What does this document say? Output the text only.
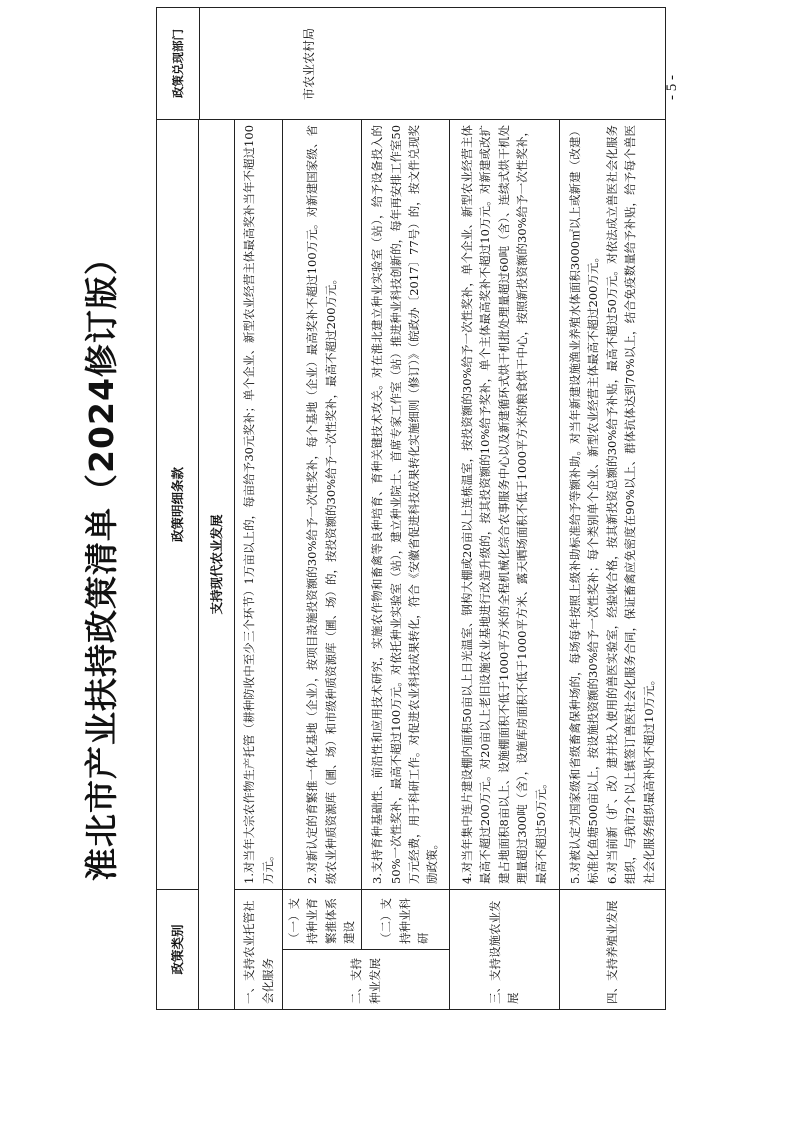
淮北市产业扶持政策清单（2024修订版）
政策类别		政策明细条款	政策兑现部门

支持现代农业发展			
一、支持农业托管社会化服务		1.对当年大宗农作物生产托管（耕种防收中至少三个环节）1万亩以上的，每亩给予30元奖补；单个企业、新型农业经营主体最高奖补当年不超过100万元。	

二、支持种业发展	（一）支持种业育繁推体系建设	2.对新认定的育繁推一体化基地（企业），按项目設施投资额的30%给予一次性奖补，每个基地（企业）最高奖补不超过100万元。对新建国家级、省级农业种质资源库（圃、场）和市级种质资源库（圃、场）的，按投资额的30%给予一次性奖补，最高不超过200万元。	

	（二）支持种业科研	3.支持育种基础性、前沿性和应用技术研究，实施农作物和畜禽等良种培育、育种关键技术攻关。对在淮北建立种业实验室（站），给予设备投入的50%一次性奖补，最高不超过100万元。对依托种业实验室（站），建立种业院士、首席专家工作室（站）推进种业科技创新的，每年再安排工作室50万元经费，用于科研工作。对促进农业科技成果转化，符合《安徽省促进科技成果转化实施细则（修订）》（皖政办〔2017〕77号）的，按文件兑现奖励政策。	

三、支持设施农业发展		4.对当年集中连片建设棚内面积50亩以上日光温室、钢构大棚或20亩以上连栋温室，按投资额的30%给予一次性奖补，单个企业、新型农业经营主体最高不超过200万元。对20亩以上老旧设施农业基地进行改造升级的，按其投资额的10%给予奖补，单个主体最高奖补不超过10万元。对新建或改扩建占地面积8亩以上、设施棚面积不低于1000平方米的全程机械化综合农事服务中心以及新建循环式烘干机批处理量超过60吨（含）、连续式烘干机处理量超过300吨（含），设施库房面积不低于1000平方米、露天晒场面积不低于1000平方米的粮食烘干中心，按照新投资额的30%给予一次性奖补，最高不超过50万元。	

四、支持养殖业发展		5.对被认定为国家级和省级畜禽保种场的，每场每年按照上级补助标准给予等额补助。对当年新建设施渔业养殖水体面积3000㎡以上或新建（改建）标准化鱼塘500亩以上，按设施投资额的30%给予一次性奖补；每个类别单个企业、新型农业经营主体最高不超过200万元。 6.对当前新（扩、改）建并投入使用的兽医实验室，经验收合格，按其新投资总额的30%给予补贴，最高不超过50万元。对依法成立兽医社会化服务组织，与我市2个以上镇签订兽医社会化服务合同，保证畜禽应免密度在90%以上、群体抗体达到70%以上，结合免疫数量给予补贴，给予每个兽医社会化服务组织最高补贴不超过10万元。	

市农业农村局	- 5 -
